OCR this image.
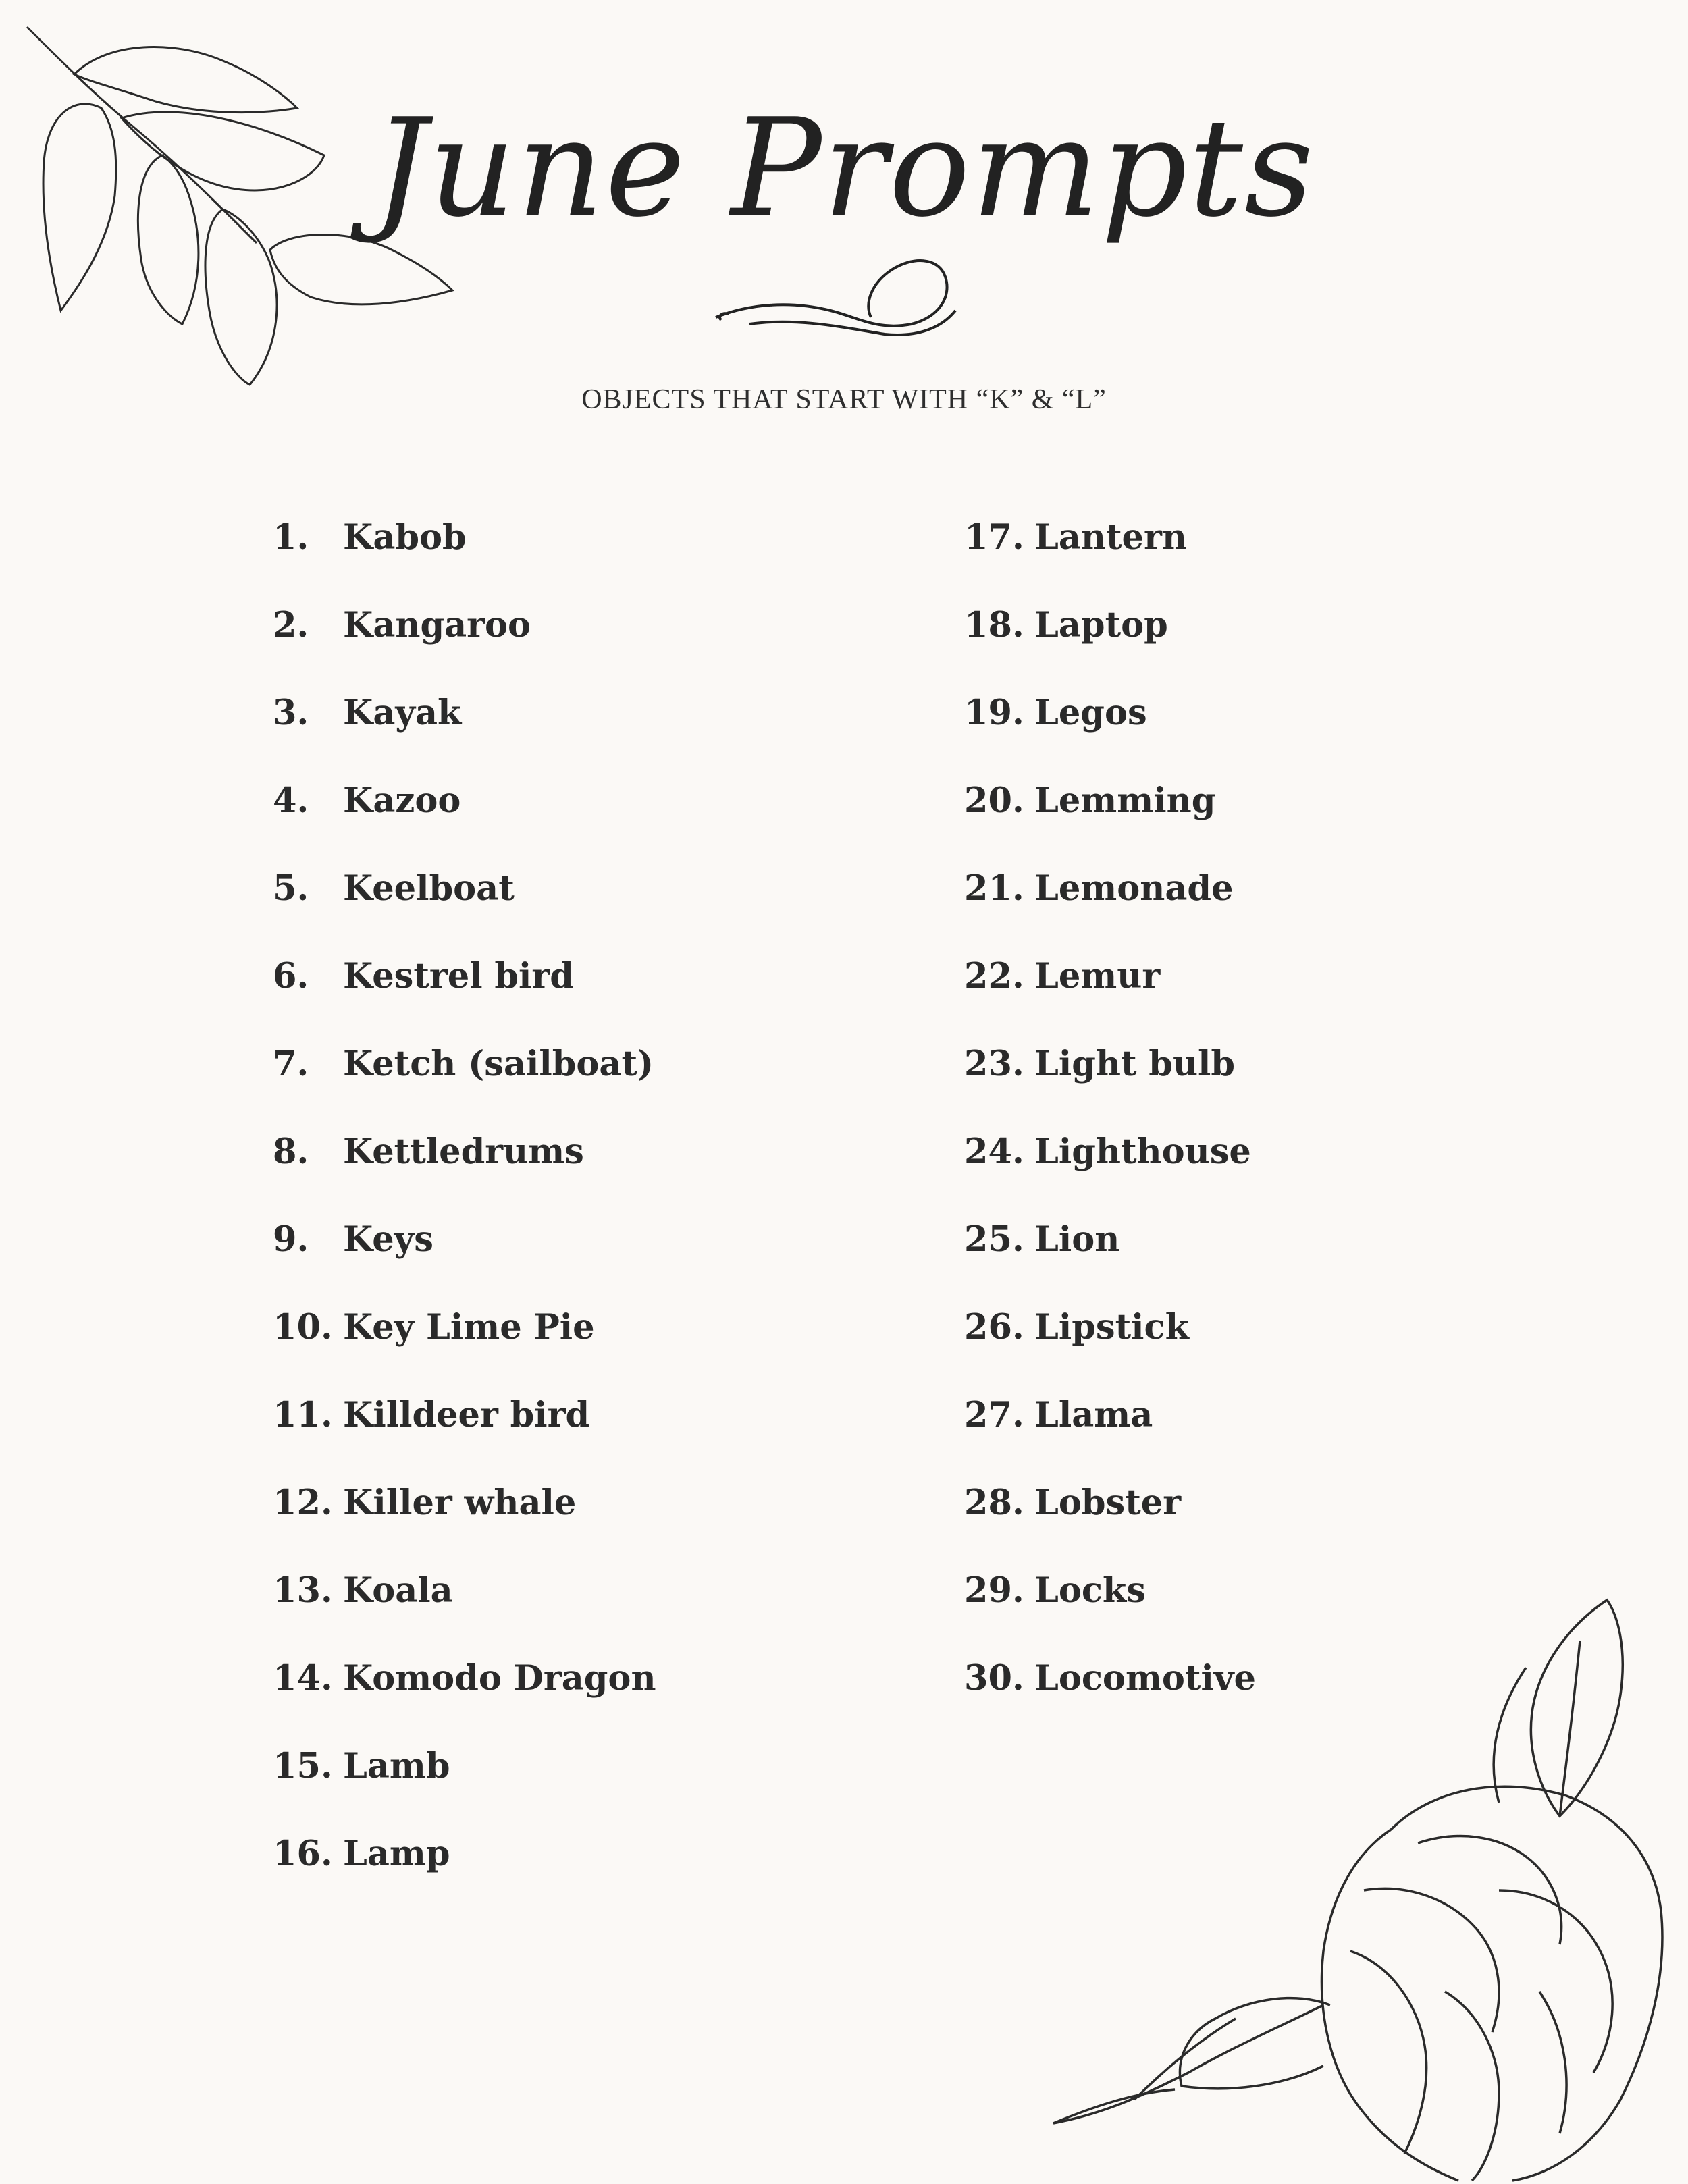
June Prompts
OBJECTS THAT START WITH “K” & “L”
1. Kabob
2. Kangaroo
3. Kayak
4. Kazoo
5. Keelboat
6. Kestrel bird
7. Ketch (sailboat)
8. Kettledrums
9. Keys
10. Key Lime Pie
11. Killdeer bird
12. Killer whale
13. Koala
14. Komodo Dragon
15. Lamb
16. Lamp
17. Lantern
18. Laptop
19. Legos
20. Lemming
21. Lemonade
22. Lemur
23. Light bulb
24. Lighthouse
25. Lion
26. Lipstick
27. Llama
28. Lobster
29. Locks
30. Locomotive
